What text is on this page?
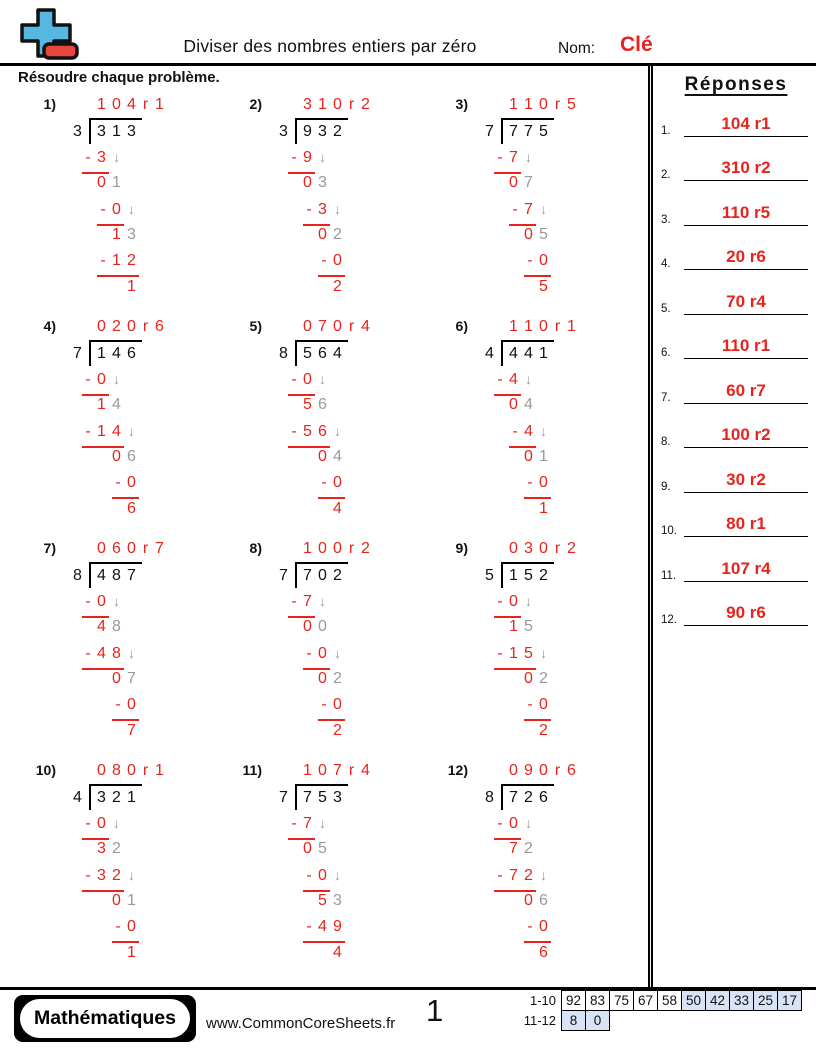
Diviser des nombres entiers par zéro	Nom: Clé
Résoudre chaque problème.
1)	1 0 4 r 1
3 3 1 3
- 3 ↓
0 1
- 0 ↓
1 3
- 1 2
1
2)	3 1 0 r 2
3 9 3 2
- 9 ↓
0 3
- 3 ↓
0 2
- 0
2
3)	1 1 0 r 5
7 7 7 5
- 7 ↓
0 7
- 7 ↓
0 5
- 0
5
4)	0 2 0 r 6
7 1 4 6
- 0 ↓
1 4
- 1 4 ↓
0 6
- 0
6
5)	0 7 0 r 4
8 5 6 4
- 0 ↓
5 6
- 5 6 ↓
0 4
- 0
4
6)	1 1 0 r 1
4 4 4 1
- 4 ↓
0 4
- 4 ↓
0 1
- 0
1
7)	0 6 0 r 7
8 4 8 7
- 0 ↓
4 8
- 4 8 ↓
0 7
- 0
7
8)	1 0 0 r 2
7 7 0 2
- 7 ↓
0 0
- 0 ↓
0 2
- 0
2
9)	0 3 0 r 2
5 1 5 2
- 0 ↓
1 5
- 1 5 ↓
0 2
- 0
2
10)	0 8 0 r 1
4 3 2 1
- 0 ↓
3 2
- 3 2 ↓
0 1
- 0
1
11)	1 0 7 r 4
7 7 5 3
- 7 ↓
0 5
- 0 ↓
5 3
- 4 9
4
12)	0 9 0 r 6
8 7 2 6
- 0 ↓
7 2
- 7 2 ↓
0 6
- 0
6
Réponses
1.	104 r1
2.	310 r2
3.	110 r5
4.	20 r6
5.	70 r4
6.	110 r1
7.	60 r7
8.	100 r2
9.	30 r2
10.	80 r1
11.	107 r4
12.	90 r6
Mathématiques	www.CommonCoreSheets.fr 1	1-10	92	83	75	67	58	50	42	33	25	17
11-12	8	0								
